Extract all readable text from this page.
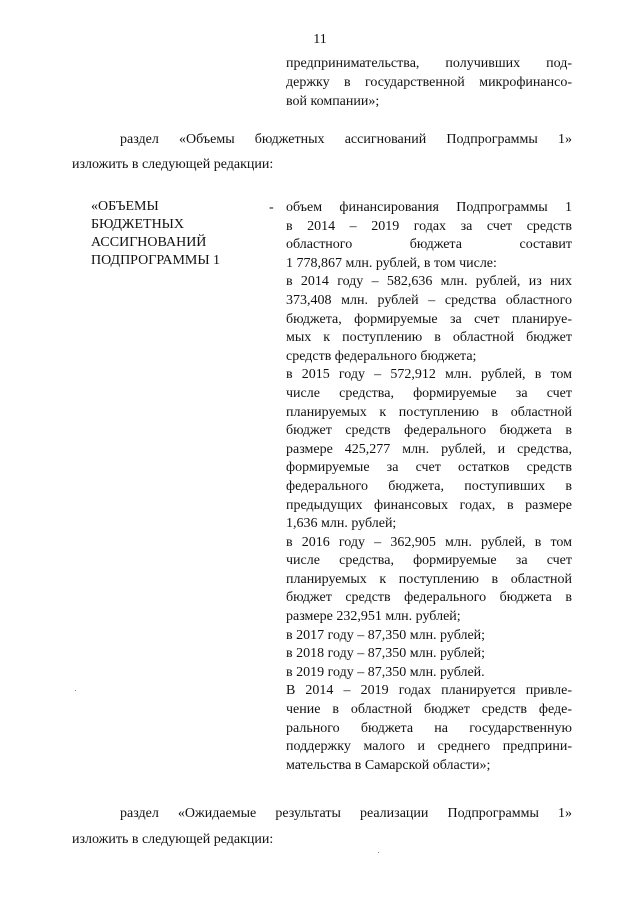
11
предпринимательства, получивших под-
держку в государственной микрофинансо-
вой компании»;
раздел «Объемы бюджетных ассигнований Подпрограммы 1»
изложить в следующей редакции:
«ОБЪЕМЫ
БЮДЖЕТНЫХ
АССИГНОВАНИЙ
ПОДПРОГРАММЫ 1
- объем финансирования Подпрограммы 1
в 2014 – 2019 годах за счет средств
областного бюджета составит
1 778,867 млн. рублей, в том числе:
в 2014 году – 582,636 млн. рублей, из них
373,408 млн. рублей – средства областного
бюджета, формируемые за счет планируе-
мых к поступлению в областной бюджет
средств федерального бюджета;
в 2015 году – 572,912 млн. рублей, в том
числе средства, формируемые за счет
планируемых к поступлению в областной
бюджет средств федерального бюджета в
размере 425,277 млн. рублей, и средства,
формируемые за счет остатков средств
федерального бюджета, поступивших в
предыдущих финансовых годах, в размере
1,636 млн. рублей;
в 2016 году – 362,905 млн. рублей, в том
числе средства, формируемые за счет
планируемых к поступлению в областной
бюджет средств федерального бюджета в
размере 232,951 млн. рублей;
в 2017 году – 87,350 млн. рублей;
в 2018 году – 87,350 млн. рублей;
в 2019 году – 87,350 млн. рублей.
В 2014 – 2019 годах планируется привле-
чение в областной бюджет средств феде-
рального бюджета на государственную
поддержку малого и среднего предприни-
мательства в Самарской области»;
раздел «Ожидаемые результаты реализации Подпрограммы 1»
изложить в следующей редакции:
